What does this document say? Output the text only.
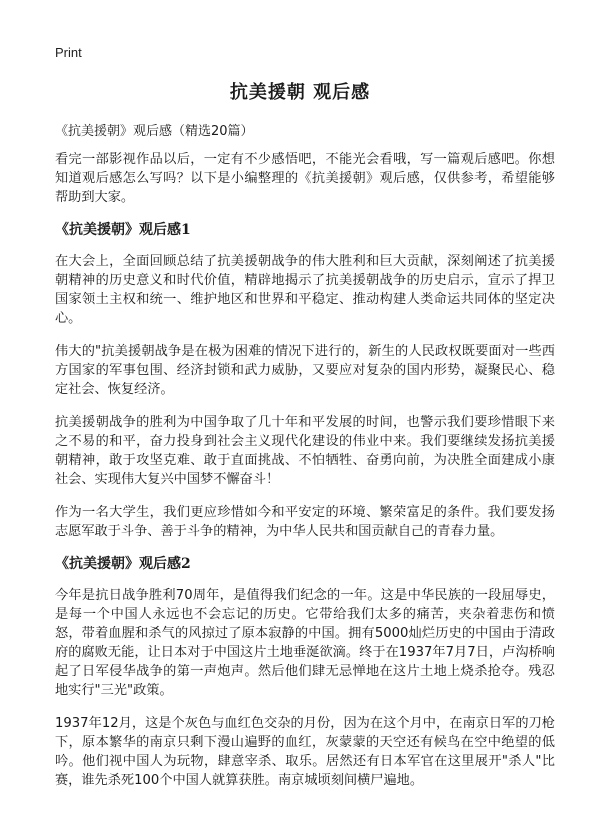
Print
抗美援朝 观后感
《抗美援朝》观后感（精选20篇）

看完一部影视作品以后，一定有不少感悟吧，不能光会看哦，写一篇观后感吧。你想知道观后感怎么写吗？以下是小编整理的《抗美援朝》观后感，仅供参考，希望能够帮助到大家。

《抗美援朝》观后感1

在大会上，全面回顾总结了抗美援朝战争的伟大胜利和巨大贡献，深刻阐述了抗美援朝精神的历史意义和时代价值，精辟地揭示了抗美援朝战争的历史启示，宣示了捍卫国家领土主权和统一、维护地区和世界和平稳定、推动构建人类命运共同体的坚定决心。

伟大的"抗美援朝战争是在极为困难的情况下进行的，新生的人民政权既要面对一些西方国家的军事包围、经济封锁和武力威胁，又要应对复杂的国内形势，凝聚民心、稳定社会、恢复经济。

抗美援朝战争的胜利为中国争取了几十年和平发展的时间，也警示我们要珍惜眼下来之不易的和平，奋力投身到社会主义现代化建设的伟业中来。我们要继续发扬抗美援朝精神，敢于攻坚克难、敢于直面挑战、不怕牺牲、奋勇向前，为决胜全面建成小康社会、实现伟大复兴中国梦不懈奋斗！

作为一名大学生，我们更应珍惜如今和平安定的环境、繁荣富足的条件。我们要发扬志愿军敢于斗争、善于斗争的精神，为中华人民共和国贡献自己的青春力量。

《抗美援朝》观后感2

今年是抗日战争胜利70周年，是值得我们纪念的一年。这是中华民族的一段屈辱史，是每一个中国人永远也不会忘记的历史。它带给我们太多的痛苦，夹杂着悲伤和愤怒，带着血腥和杀气的风掠过了原本寂静的中国。拥有5000灿烂历史的中国由于清政府的腐败无能，让日本对于中国这片土地垂涎欲滴。终于在1937年7月7日，卢沟桥响起了日军侵华战争的第一声炮声。然后他们肆无忌惮地在这片土地上烧杀抢夺。残忍地实行"三光"政策。

1937年12月，这是个灰色与血红色交杂的月份，因为在这个月中，在南京日军的刀枪下，原本繁华的南京只剩下漫山遍野的血红，灰蒙蒙的天空还有候鸟在空中绝望的低吟。他们视中国人为玩物，肆意宰杀、取乐。居然还有日本军官在这里展开"杀人"比赛，谁先杀死100个中国人就算获胜。南京城顷刻间横尸遍地。
